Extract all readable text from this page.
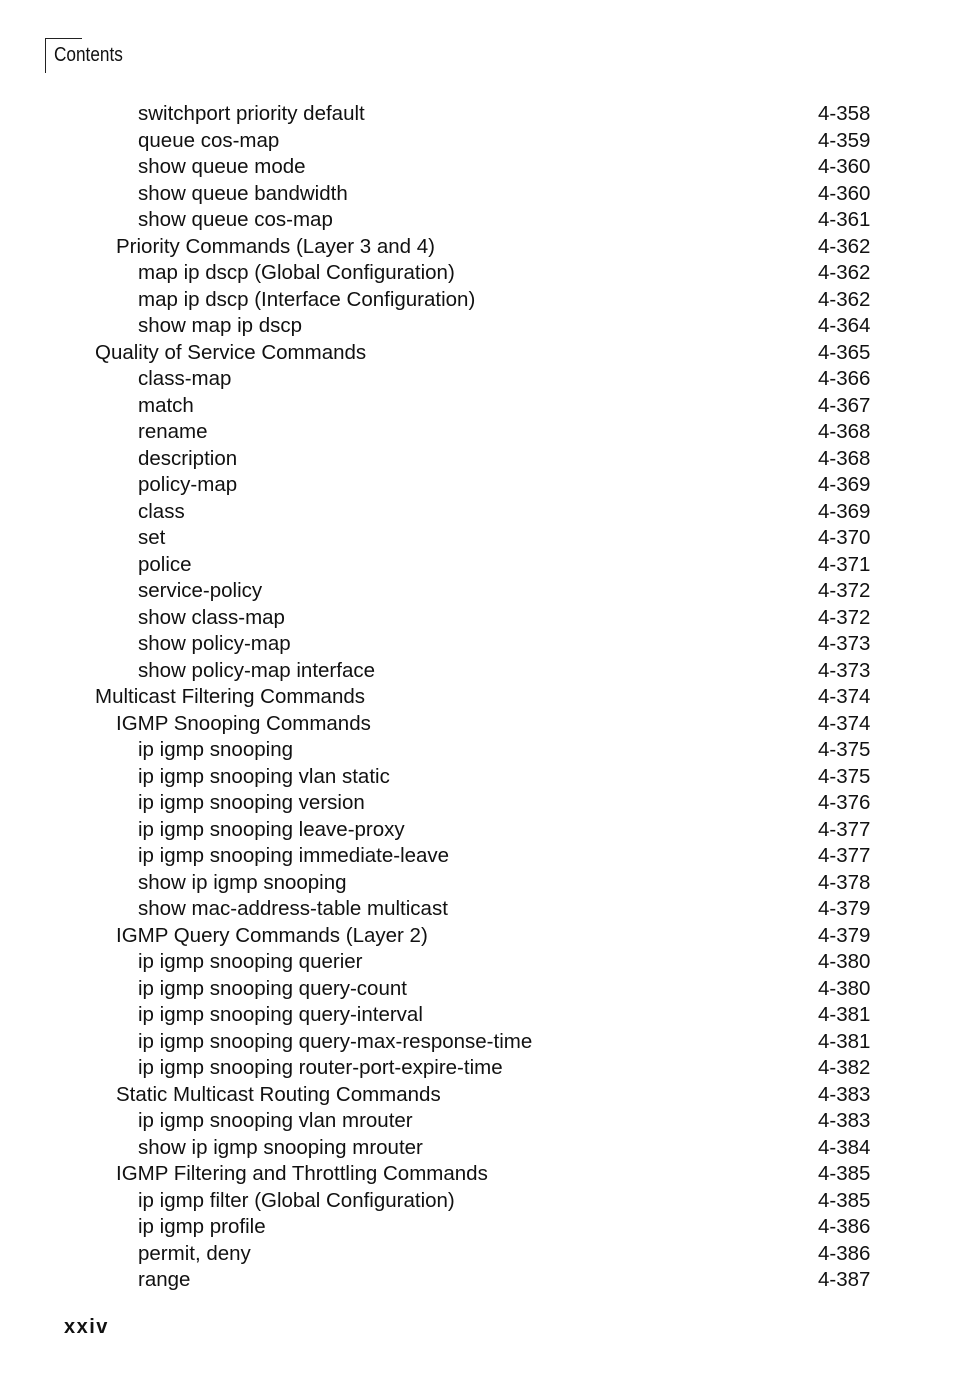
Contents
switchport priority default	4-358
queue cos-map	4-359
show queue mode	4-360
show queue bandwidth	4-360
show queue cos-map	4-361
Priority Commands (Layer 3 and 4)	4-362
map ip dscp (Global Configuration)	4-362
map ip dscp (Interface Configuration)	4-362
show map ip dscp	4-364
Quality of Service Commands	4-365
class-map	4-366
match	4-367
rename	4-368
description	4-368
policy-map	4-369
class	4-369
set	4-370
police	4-371
service-policy	4-372
show class-map	4-372
show policy-map	4-373
show policy-map interface	4-373
Multicast Filtering Commands	4-374
IGMP Snooping Commands	4-374
ip igmp snooping	4-375
ip igmp snooping vlan static	4-375
ip igmp snooping version	4-376
ip igmp snooping leave-proxy	4-377
ip igmp snooping immediate-leave	4-377
show ip igmp snooping	4-378
show mac-address-table multicast	4-379
IGMP Query Commands (Layer 2)	4-379
ip igmp snooping querier	4-380
ip igmp snooping query-count	4-380
ip igmp snooping query-interval	4-381
ip igmp snooping query-max-response-time	4-381
ip igmp snooping router-port-expire-time	4-382
Static Multicast Routing Commands	4-383
ip igmp snooping vlan mrouter	4-383
show ip igmp snooping mrouter	4-384
IGMP Filtering and Throttling Commands	4-385
ip igmp filter (Global Configuration)	4-385
ip igmp profile	4-386
permit, deny	4-386
range	4-387
xxiv
